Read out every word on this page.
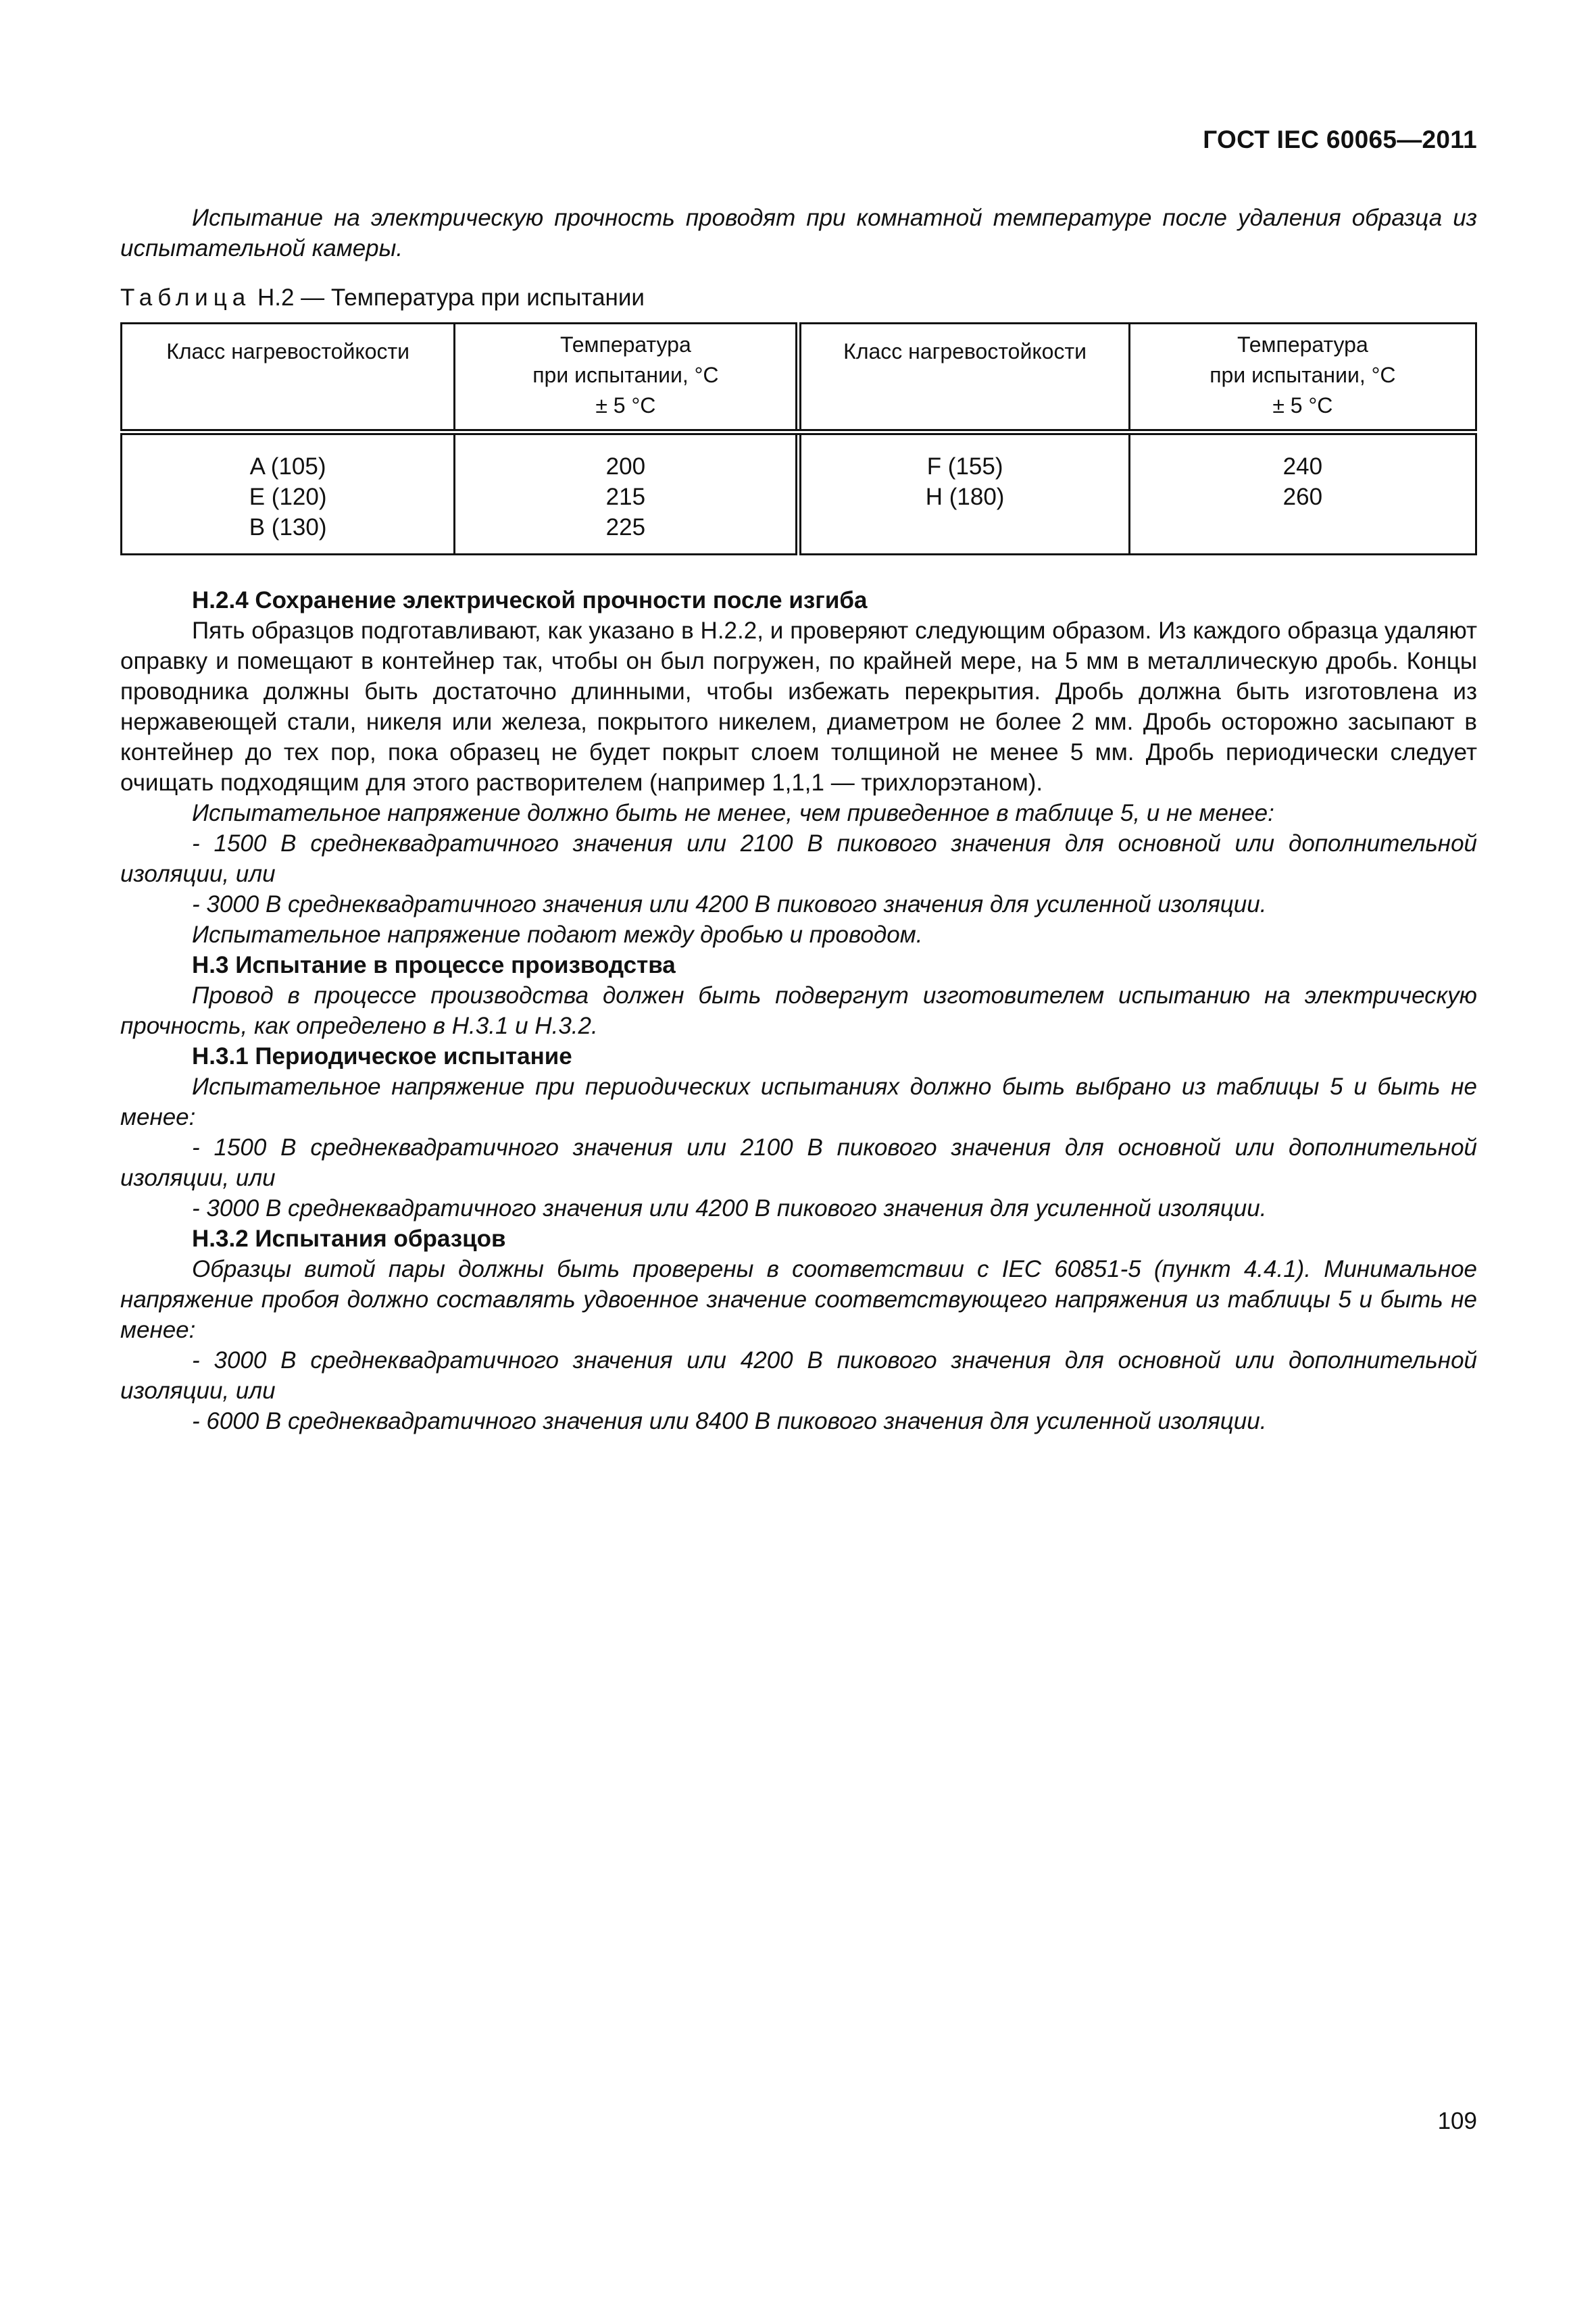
ГОСТ IEC 60065—2011

Испытание на электрическую прочность проводят при комнатной температуре после удаления образца из испытательной камеры.

Таблица H.2 — Температура при испытании

Класс нагревостойкости	Температура
при испытании, °C
± 5 °C	Класс нагревостойкости	Температура
при испытании, °C
± 5 °C

A (105)
E (120)
B (130)	200
215
225	F (155)
H (180)	240
260

H.2.4 Сохранение электрической прочности после изгиба

Пять образцов подготавливают, как указано в H.2.2, и проверяют следующим образом. Из каждого образца удаляют оправку и помещают в контейнер так, чтобы он был погружен, по крайней мере, на 5 мм в металлическую дробь. Концы проводника должны быть достаточно длинными, чтобы избежать перекрытия. Дробь должна быть изготовлена из нержавеющей стали, никеля или железа, покрытого никелем, диаметром не более 2 мм. Дробь осторожно засыпают в контейнер до тех пор, пока образец не будет покрыт слоем толщиной не менее 5 мм. Дробь периодически следует очищать подходящим для этого растворителем (например 1,1,1 — трихлорэтаном).

Испытательное напряжение должно быть не менее, чем приведенное в таблице 5, и не менее:

- 1500 В среднеквадратичного значения или 2100 В пикового значения для основной или дополнительной изоляции, или

- 3000 В среднеквадратичного значения или 4200 В пикового значения для усиленной изоляции.

Испытательное напряжение подают между дробью и проводом.

H.3 Испытание в процессе производства

Провод в процессе производства должен быть подвергнут изготовителем испытанию на электрическую прочность, как определено в H.3.1 и H.3.2.

H.3.1 Периодическое испытание

Испытательное напряжение при периодических испытаниях должно быть выбрано из таблицы 5 и быть не менее:

- 1500 В среднеквадратичного значения или 2100 В пикового значения для основной или дополнительной изоляции, или

- 3000 В среднеквадратичного значения или 4200 В пикового значения для усиленной изоляции.

H.3.2 Испытания образцов

Образцы витой пары должны быть проверены в соответствии с IEC 60851-5 (пункт 4.4.1). Минимальное напряжение пробоя должно составлять удвоенное значение соответствующего напряжения из таблицы 5 и быть не менее:

- 3000 В среднеквадратичного значения или 4200 В пикового значения для основной или дополнительной изоляции, или

- 6000 В среднеквадратичного значения или 8400 В пикового значения для усиленной изоляции.

109
